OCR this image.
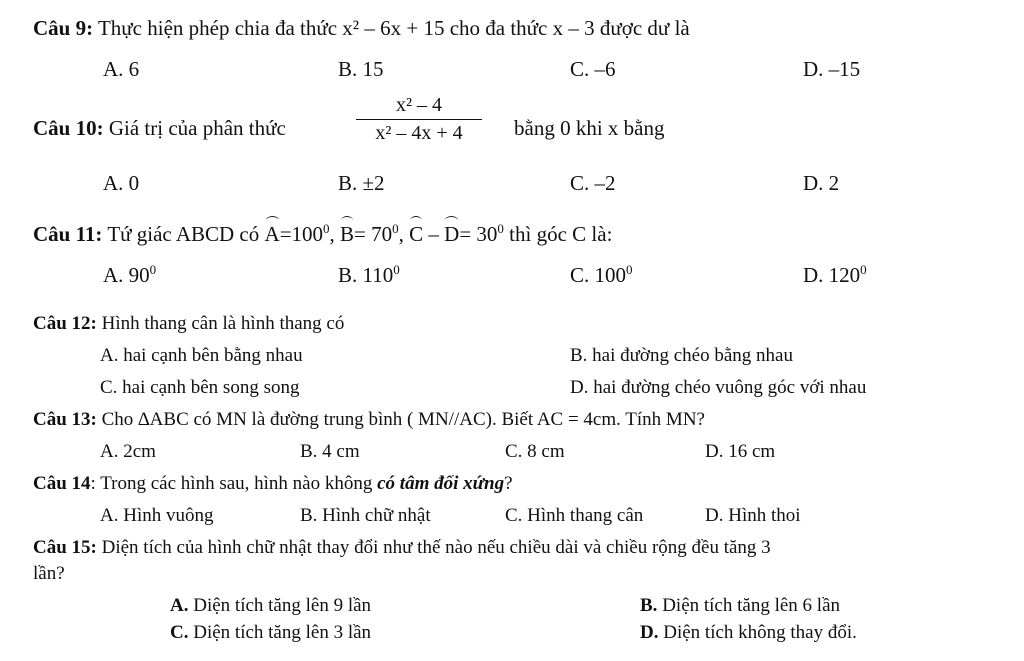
Câu 9: Thực hiện phép chia đa thức x² – 6x + 15 cho đa thức x – 3 được dư là
A. 6	B. 15	C. –6	D. –15
Câu 10: Giá trị của phân thức
x² – 4
x² – 4x + 4	bằng 0 khi x bằng
A. 0	B. ±2	C. –2	D. 2
Câu 11: Tứ giác ABCD có $A=100^0$, $B= 70^0$, $C - D= 30^0$ thì góc C là:
A. $90^0$	B. $110^0$	C. $100^0$	D. $120^0$
Câu 12: Hình thang cân là hình thang có
A. hai cạnh bên bằng nhau	B. hai đường chéo bằng nhau
C. hai cạnh bên song song	D. hai đường chéo vuông góc với nhau
Câu 13: Cho ∆ABC có MN là đường trung bình ( MN//AC). Biết AC = 4cm. Tính MN?
A. 2cm	B. 4 cm	C. 8 cm	D. 16 cm
Câu 14: Trong các hình sau, hình nào không có tâm đối xứng?
A. Hình vuông	B. Hình chữ nhật	C. Hình thang cân	D. Hình thoi
Câu 15: Diện tích của hình chữ nhật thay đổi như thế nào nếu chiều dài và chiều rộng đều tăng 3
lần?
A. Diện tích tăng lên 9 lần	B. Diện tích tăng lên 6 lần
C. Diện tích tăng lên 3 lần	D. Diện tích không thay đổi.
